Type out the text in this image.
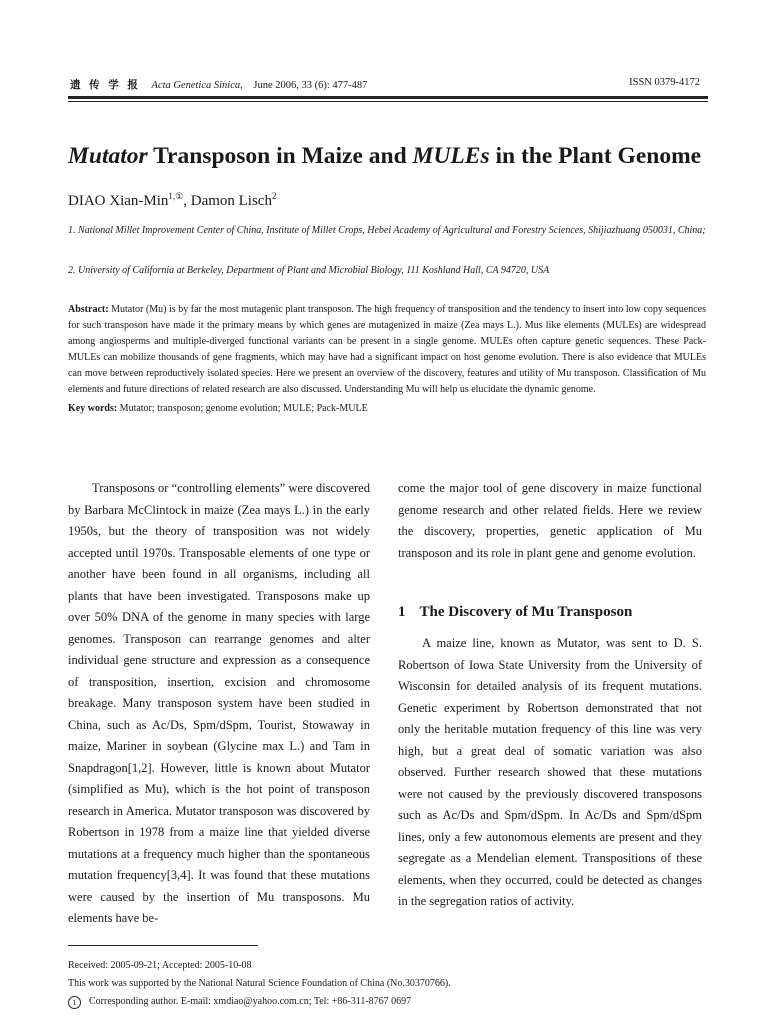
遗 传 学 报 Acta Genetica Sinica, June 2006, 33 (6): 477-487	ISSN 0379-4172
Mutator Transposon in Maize and MULEs in the Plant Genome
DIAO Xian-Min$^{1,①}$, Damon Lisch$^2$
1. National Millet Improvement Center of China, Institute of Millet Crops, Hebei Academy of Agricultural and Forestry Sciences, Shijiazhuang 050031, China;
2. University of California at Berkeley, Department of Plant and Microbial Biology, 111 Koshland Hall, CA 94720, USA
Abstract: Mutator (Mu) is by far the most mutagenic plant transposon. The high frequency of transposition and the tendency to insert into low copy sequences for such transposon have made it the primary means by which genes are mutagenized in maize (Zea mays L.). Mus like elements (MULEs) are widespread among angiosperms and multiple-diverged functional variants can be present in a single genome. MULEs often capture genetic sequences. These Pack-MULEs can mobilize thousands of gene fragments, which may have had a significant impact on host genome evolution. There is also evidence that MULEs can move between reproductively isolated species. Here we present an overview of the discovery, features and utility of Mu transposon. Classification of Mu elements and future directions of related research are also discussed. Understanding Mu will help us elucidate the dynamic genome.
Key words: Mutator; transposon; genome evolution; MULE; Pack-MULE
Transposons or “controlling elements” were discovered by Barbara McClintock in maize (Zea mays L.) in the early 1950s, but the theory of transposition was not widely accepted until 1970s. Transposable elements of one type or another have been found in all organisms, including all plants that have been investigated. Transposons make up over 50% DNA of the genome in many species with large genomes. Transposon can rearrange genomes and alter individual gene structure and expression as a consequence of transposition, insertion, excision and chromosome breakage. Many transposon system have been studied in China, such as Ac/Ds, Spm/dSpm, Tourist, Stowaway in maize, Mariner in soybean (Glycine max L.) and Tam in Snapdragon[1,2]. However, little is known about Mutator (simplified as Mu), which is the hot point of transposon research in America. Mutator transposon was discovered by Robertson in 1978 from a maize line that yielded diverse mutations at a frequency much higher than the spontaneous mutation frequency[3,4]. It was found that these mutations were caused by the insertion of Mu transposons. Mu elements have be-
come the major tool of gene discovery in maize functional genome research and other related fields. Here we review the discovery, properties, genetic application of Mu transposon and its role in plant gene and genome evolution.
1 The Discovery of Mu Transposon
A maize line, known as Mutator, was sent to D. S. Robertson of Iowa State University from the University of Wisconsin for detailed analysis of its frequent mutations. Genetic experiment by Robertson demonstrated that not only the heritable mutation frequency of this line was very high, but a great deal of somatic variation was also observed. Further research showed that these mutations were not caused by the previously discovered transposons such as Ac/Ds and Spm/dSpm. In Ac/Ds and Spm/dSpm lines, only a few autonomous elements are present and they segregate as a Mendelian element. Transpositions of these elements, when they occurred, could be detected as changes in the segregation ratios of activity.
Received: 2005-09-21; Accepted: 2005-10-08
This work was supported by the National Natural Science Foundation of China (No.30370766).
1 Corresponding author. E-mail: xmdiao@yahoo.com.cn; Tel: +86-311-8767 0697
